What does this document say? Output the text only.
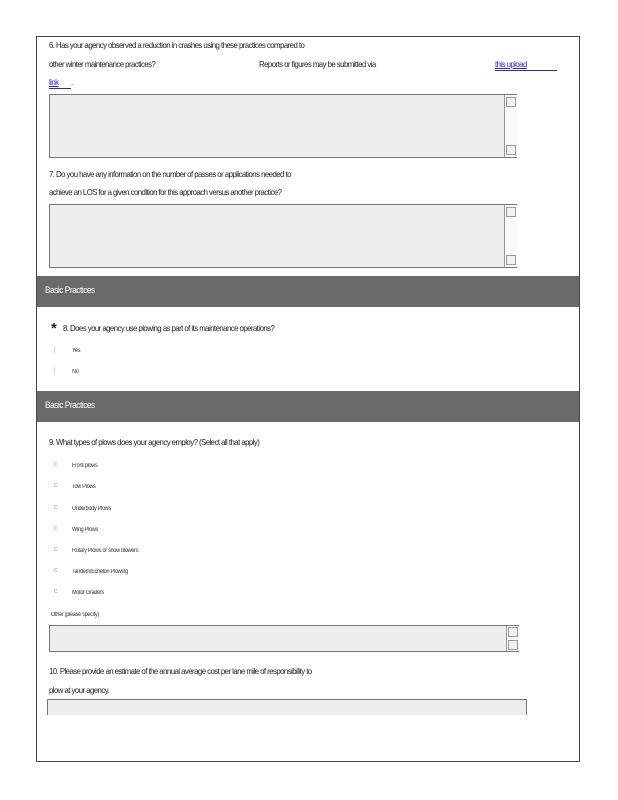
6. Has your agency observed a reduction in crashes using these practices compared to
other winter maintenance practices?	Reports or figures may be submitted via	this upload
link .
7. Do you have any information on the number of passes or applications needed to
achieve an LOS for a given condition for this approach versus another practice?
Basic Practices
* 8. Does your agency use plowing as part of its maintenance operations?
j	Yes
j	No
Basic Practices
9. What types of plows does your agency employ? (Select all that apply)
c Front plows
c Tow Plows
c Underbody Plows
c Wing Plows
c Rotary Plows or snow blowers
c Tandem/Echelon Plowing
c Motor Graders
Other (please specify)
10. Please provide an estimate of the annual average cost per lane mile of responsibility to
plow at your agency.
